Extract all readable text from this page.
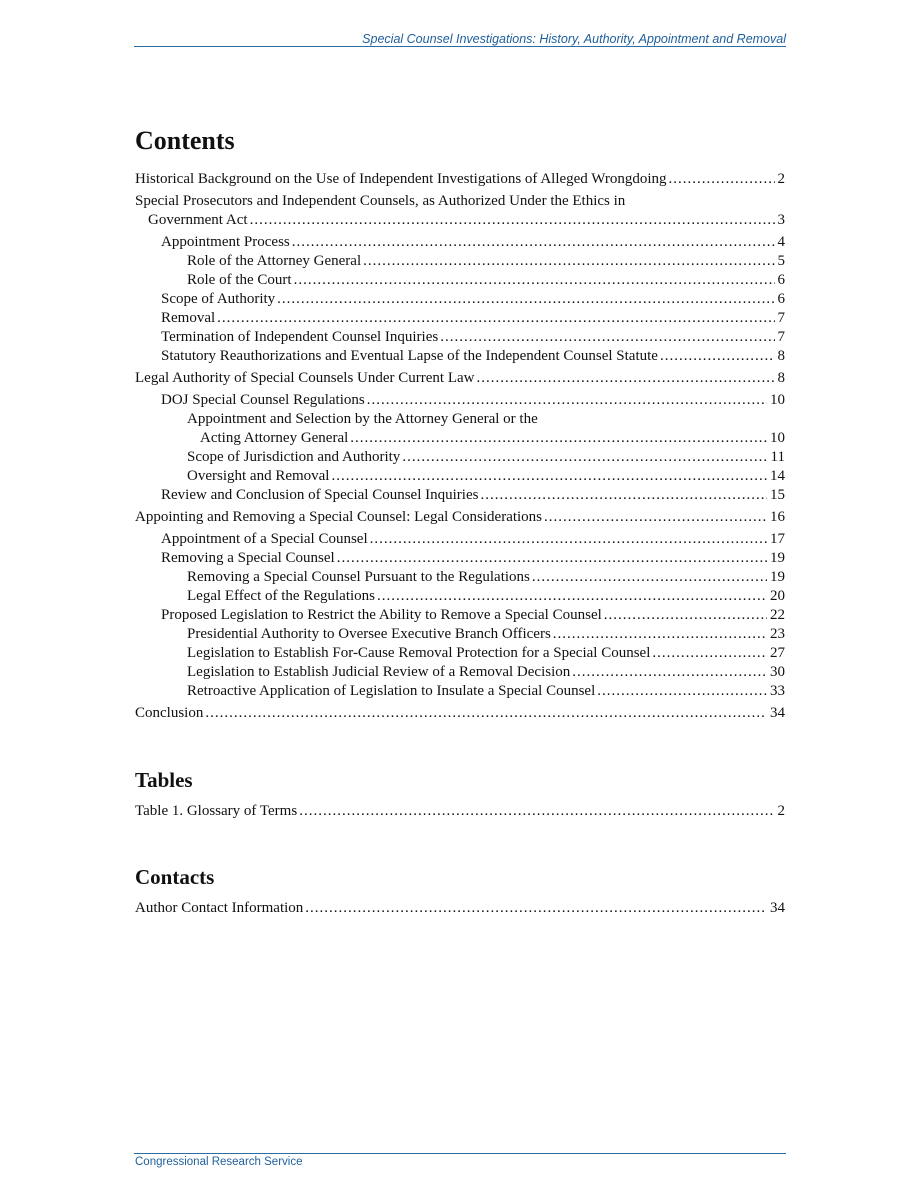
Special Counsel Investigations: History, Authority, Appointment and Removal
Contents
Historical Background on the Use of Independent Investigations of Alleged Wrongdoing .....	2
Special Prosecutors and Independent Counsels, as Authorized Under the Ethics in
Government Act .....	3
Appointment Process .....	4
Role of the Attorney General .....	5
Role of the Court .....	6
Scope of Authority .....	6
Removal .....	7
Termination of Independent Counsel Inquiries .....	7
Statutory Reauthorizations and Eventual Lapse of the Independent Counsel Statute .....	8
Legal Authority of Special Counsels Under Current Law .....	8
DOJ Special Counsel Regulations .....	10
Appointment and Selection by the Attorney General or the
Acting Attorney General .....	10
Scope of Jurisdiction and Authority .....	11
Oversight and Removal .....	14
Review and Conclusion of Special Counsel Inquiries .....	15
Appointing and Removing a Special Counsel: Legal Considerations .....	16
Appointment of a Special Counsel .....	17
Removing a Special Counsel .....	19
Removing a Special Counsel Pursuant to the Regulations .....	19
Legal Effect of the Regulations .....	20
Proposed Legislation to Restrict the Ability to Remove a Special Counsel .....	22
Presidential Authority to Oversee Executive Branch Officers .....	23
Legislation to Establish For-Cause Removal Protection for a Special Counsel .....	27
Legislation to Establish Judicial Review of a Removal Decision .....	30
Retroactive Application of Legislation to Insulate a Special Counsel .....	33
Conclusion .....	34
Tables
Table 1. Glossary of Terms .....	2
Contacts
Author Contact Information .....	34
Congressional Research Service
